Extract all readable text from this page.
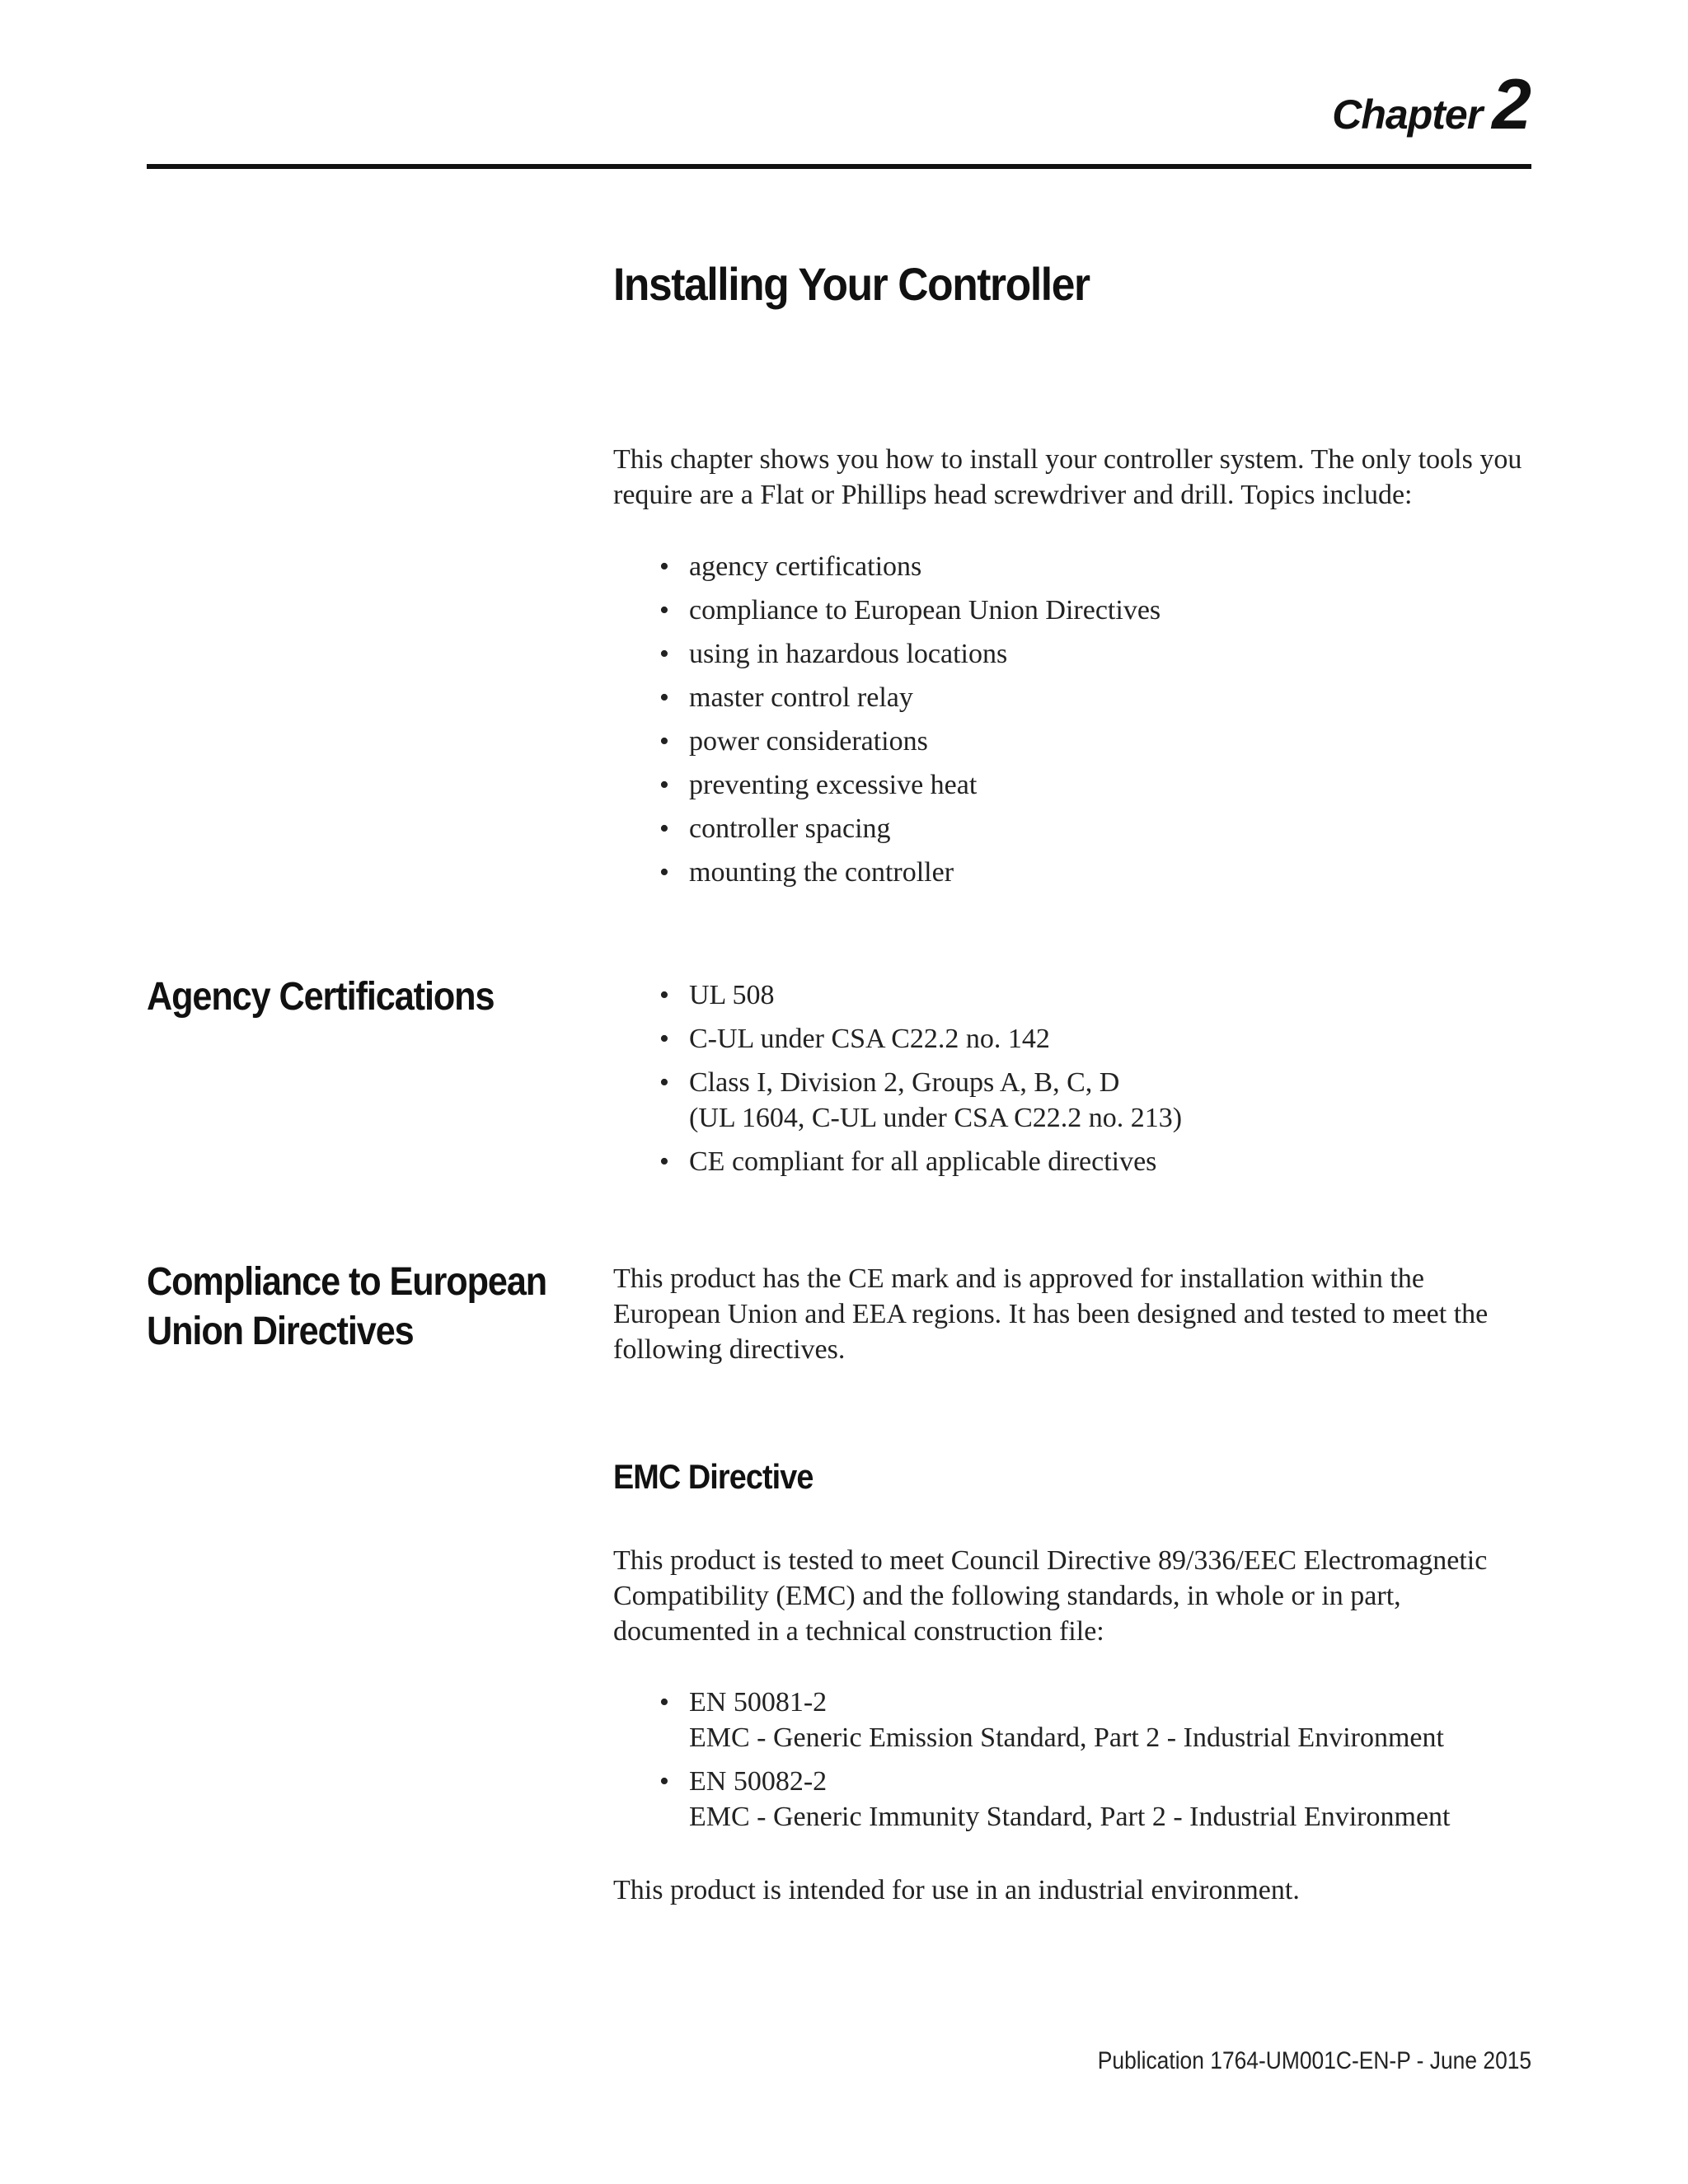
Chapter 2
Installing Your Controller

This chapter shows you how to install your controller system. The only tools you require are a Flat or Phillips head screwdriver and drill. Topics include:

• agency certifications
• compliance to European Union Directives
• using in hazardous locations
• master control relay
• power considerations
• preventing excessive heat
• controller spacing
• mounting the controller
Agency Certifications	• UL 508
• C-UL under CSA C22.2 no. 142
• Class I, Division 2, Groups A, B, C, D
(UL 1604, C-UL under CSA C22.2 no. 213)
• CE compliant for all applicable directives
Compliance to European
Union Directives

This product has the CE mark and is approved for installation within the European Union and EEA regions. It has been designed and tested to meet the following directives.

EMC Directive

This product is tested to meet Council Directive 89/336/EEC Electromagnetic Compatibility (EMC) and the following standards, in whole or in part, documented in a technical construction file:

• EN 50081-2
EMC - Generic Emission Standard, Part 2 - Industrial Environment
• EN 50082-2
EMC - Generic Immunity Standard, Part 2 - Industrial Environment

This product is intended for use in an industrial environment.

Publication 1764-UM001C-EN-P - June 2015
